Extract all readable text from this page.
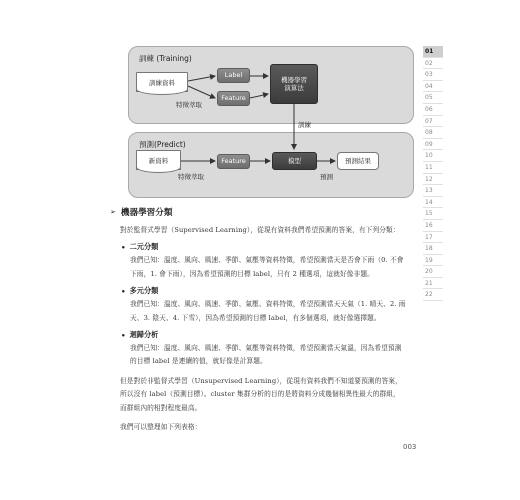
訓練 (Training)
預測(Predict)
訓練資料
Label
Feature
機器學習
演算法
特徵萃取
訓練
新資料	Feature	模型	預測結果
特徵萃取	預測
01
02
03
04
05
06
07
08
09
10
11
12
13
14
15
16
17
18
19
20
21
22
➢ 機器學習分類

對於監督式學習（Supervised Learning），從現有資料我們希望預測的答案，有下列分類：

• 二元分類

我們已知：溫度、風向、風速、季節、氣壓等資料特徵，希望預測當天是否會下雨（0. 不會下雨，1. 會下雨），因為希望預測的目標 label，只有 2 種選項，這就好像非題。

• 多元分類

我們已知：溫度、風向、風速、季節、氣壓、資料特徵，希望預測當天天氣（1. 晴天、2. 雨天、3. 陰天、4. 下雪），因為希望預測的目標 label，有多個選項，就好像選擇題。

• 迴歸分析

我們已知：溫度、風向、風速、季節、氣壓等資料特徵，希望預測當天氣溫，因為希望預測的目標 label 是連續的值，就好像是計算題。

但是對於非監督式學習（Unsupervised Learning），從現有資料我們不知道要預測的答案，所以沒有 label（預測目標）。cluster 集群分析的目的是將資料分成幾個相異性最大的群組，而群組內的相對程度最高。

我們可以整理如下列表格：

003
